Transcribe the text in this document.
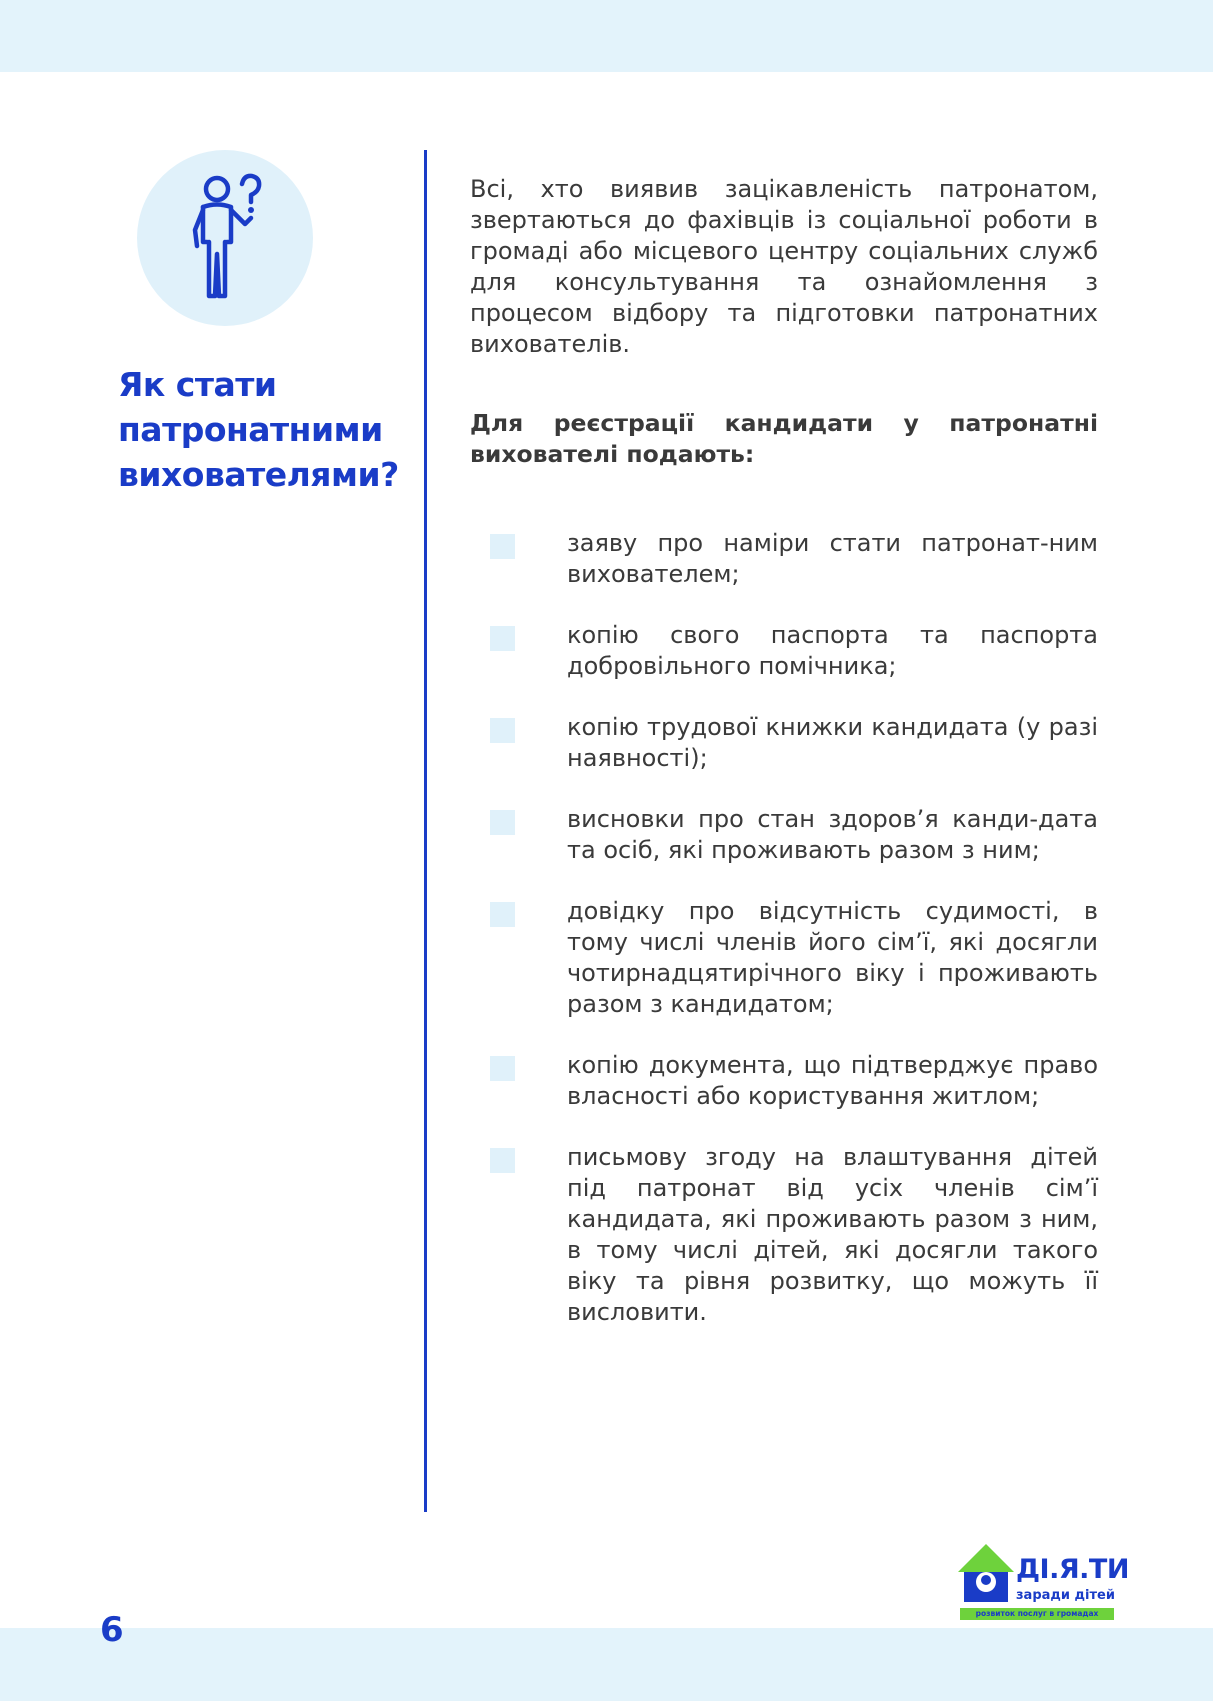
Як стати
патронатними
вихователями?

Всі, хто виявив зацікавленість патронатом, звертаються до фахівців із соціальної роботи в громаді або місцевого центру соціальних служб для консультування та ознайомлення з процесом відбору та підготовки патронатних вихователів.

Для реєстрації кандидати у патронатні вихователі подають:

заяву про наміри стати патронат-ним вихователем;
копію свого паспорта та паспорта добровільного помічника;
копію трудової книжки кандидата (у разі наявності);
висновки про стан здоров’я канди-дата та осіб, які проживають разом з ним;
довідку про відсутність судимості, в тому числі членів його сім’ї, які досягли чотирнадцятирічного віку і проживають разом з кандидатом;
копію документа, що підтверджує право власності або користування житлом;
письмову згоду на влаштування дітей під патронат від усіх членів сім’ї кандидата, які проживають разом з ним, в тому числі дітей, які досягли такого віку та рівня розвитку, що можуть її висловити.
6
ДІ.Я.ТИ
заради дітей
розвиток послуг в громадах
